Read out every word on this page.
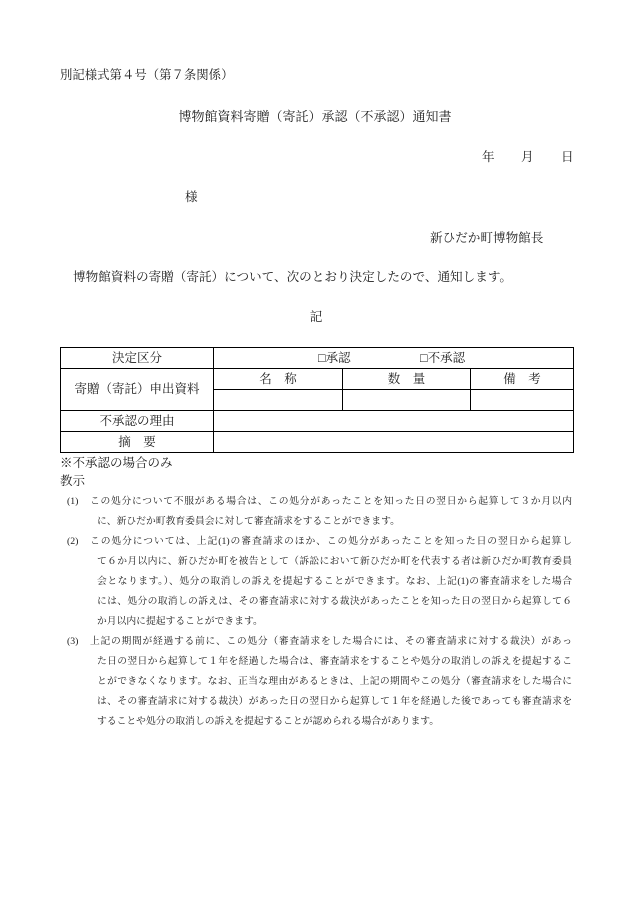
別記様式第４号（第７条関係）
博物館資料寄贈（寄託）承認（不承認）通知書
年 月 日
様
新ひだか町博物館長
博物館資料の寄贈（寄託）について、次のとおり決定したので、通知します。
記
決定区分	□承認 □不承認		

寄贈（寄託）申出資料	名　称	数　量	備　考

不承認の理由			
摘　要			
※不承認の場合のみ
教示
(1) この処分について不服がある場合は、この処分があったことを知った日の翌日から起算して３か月以内
に、新ひだか町教育委員会に対して審査請求をすることができます。
(2) この処分については、上記(1)の審査請求のほか、この処分があったことを知った日の翌日から起算し
て６か月以内に、新ひだか町を被告として（訴訟において新ひだか町を代表する者は新ひだか町教育委員
会となります。）、処分の取消しの訴えを提起することができます。なお、上記(1)の審査請求をした場合
には、処分の取消しの訴えは、その審査請求に対する裁決があったことを知った日の翌日から起算して６
か月以内に提起することができます。
(3) 上記の期間が経過する前に、この処分（審査請求をした場合には、その審査請求に対する裁決）があっ
た日の翌日から起算して１年を経過した場合は、審査請求をすることや処分の取消しの訴えを提起するこ
とができなくなります。なお、正当な理由があるときは、上記の期間やこの処分（審査請求をした場合に
は、その審査請求に対する裁決）があった日の翌日から起算して１年を経過した後であっても審査請求を
することや処分の取消しの訴えを提起することが認められる場合があります。
